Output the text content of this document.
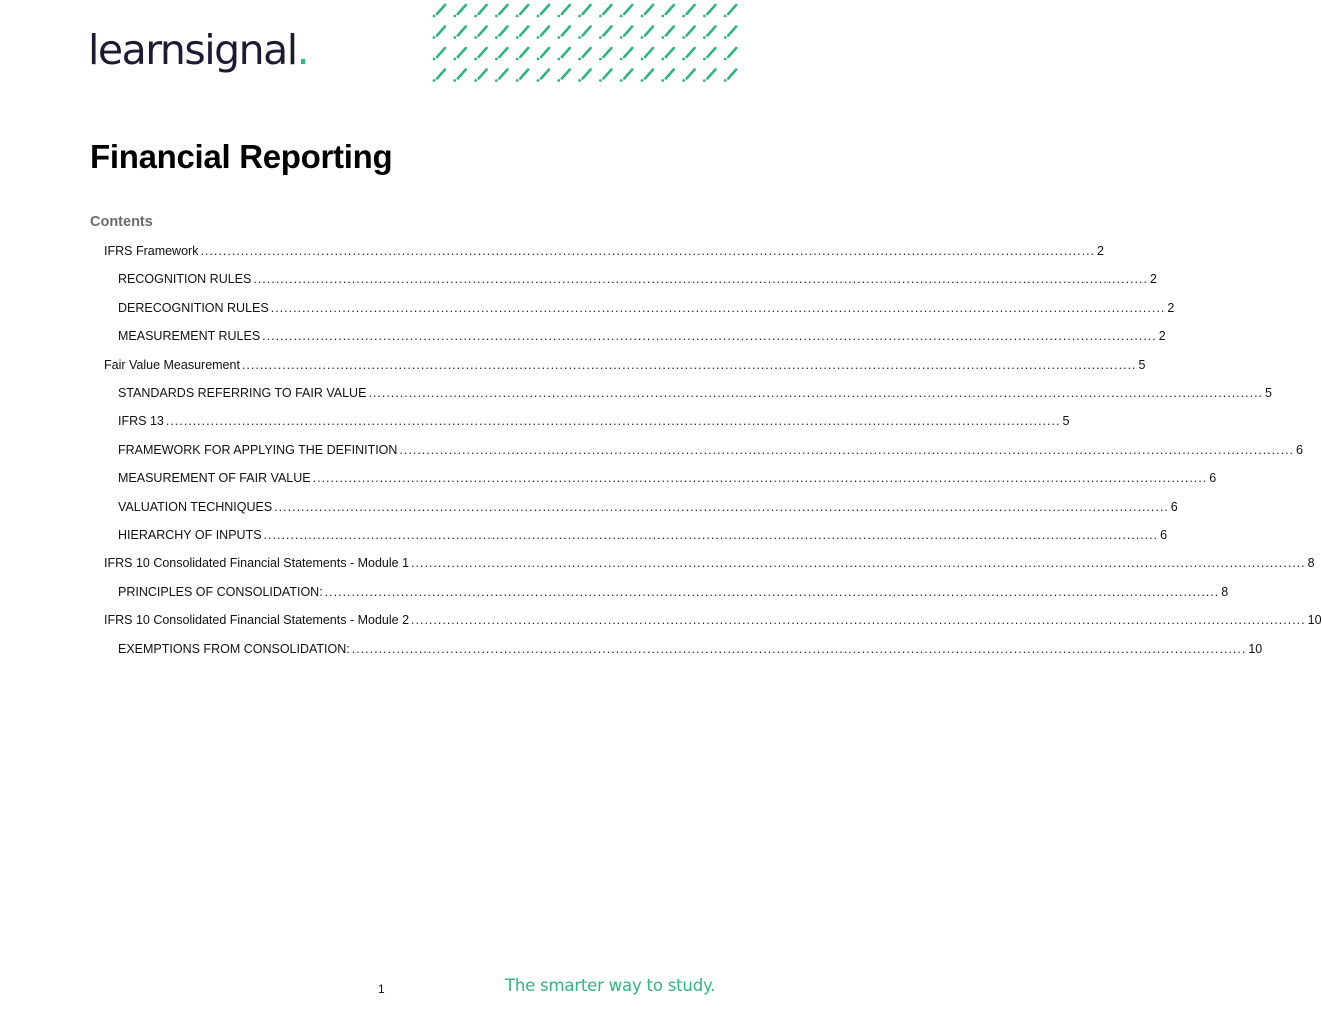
learnsignal.
Financial Reporting
Contents
IFRS Framework ........................................................................................................................................................................................................ 2
RECOGNITION RULES ........................................................................................................................................................................................................ 2
DERECOGNITION RULES ........................................................................................................................................................................................................ 2
MEASUREMENT RULES ........................................................................................................................................................................................................ 2
Fair Value Measurement ........................................................................................................................................................................................................ 5
STANDARDS REFERRING TO FAIR VALUE ........................................................................................................................................................................................................ 5
IFRS 13 ........................................................................................................................................................................................................ 5
FRAMEWORK FOR APPLYING THE DEFINITION ........................................................................................................................................................................................................ 6
MEASUREMENT OF FAIR VALUE ........................................................................................................................................................................................................ 6
VALUATION TECHNIQUES ........................................................................................................................................................................................................ 6
HIERARCHY OF INPUTS ........................................................................................................................................................................................................ 6
IFRS 10 Consolidated Financial Statements - Module 1 ........................................................................................................................................................................................................ 8
PRINCIPLES OF CONSOLIDATION: ........................................................................................................................................................................................................ 8
IFRS 10 Consolidated Financial Statements - Module 2 ........................................................................................................................................................................................................ 10
EXEMPTIONS FROM CONSOLIDATION: ........................................................................................................................................................................................................ 10
1	The smarter way to study.
